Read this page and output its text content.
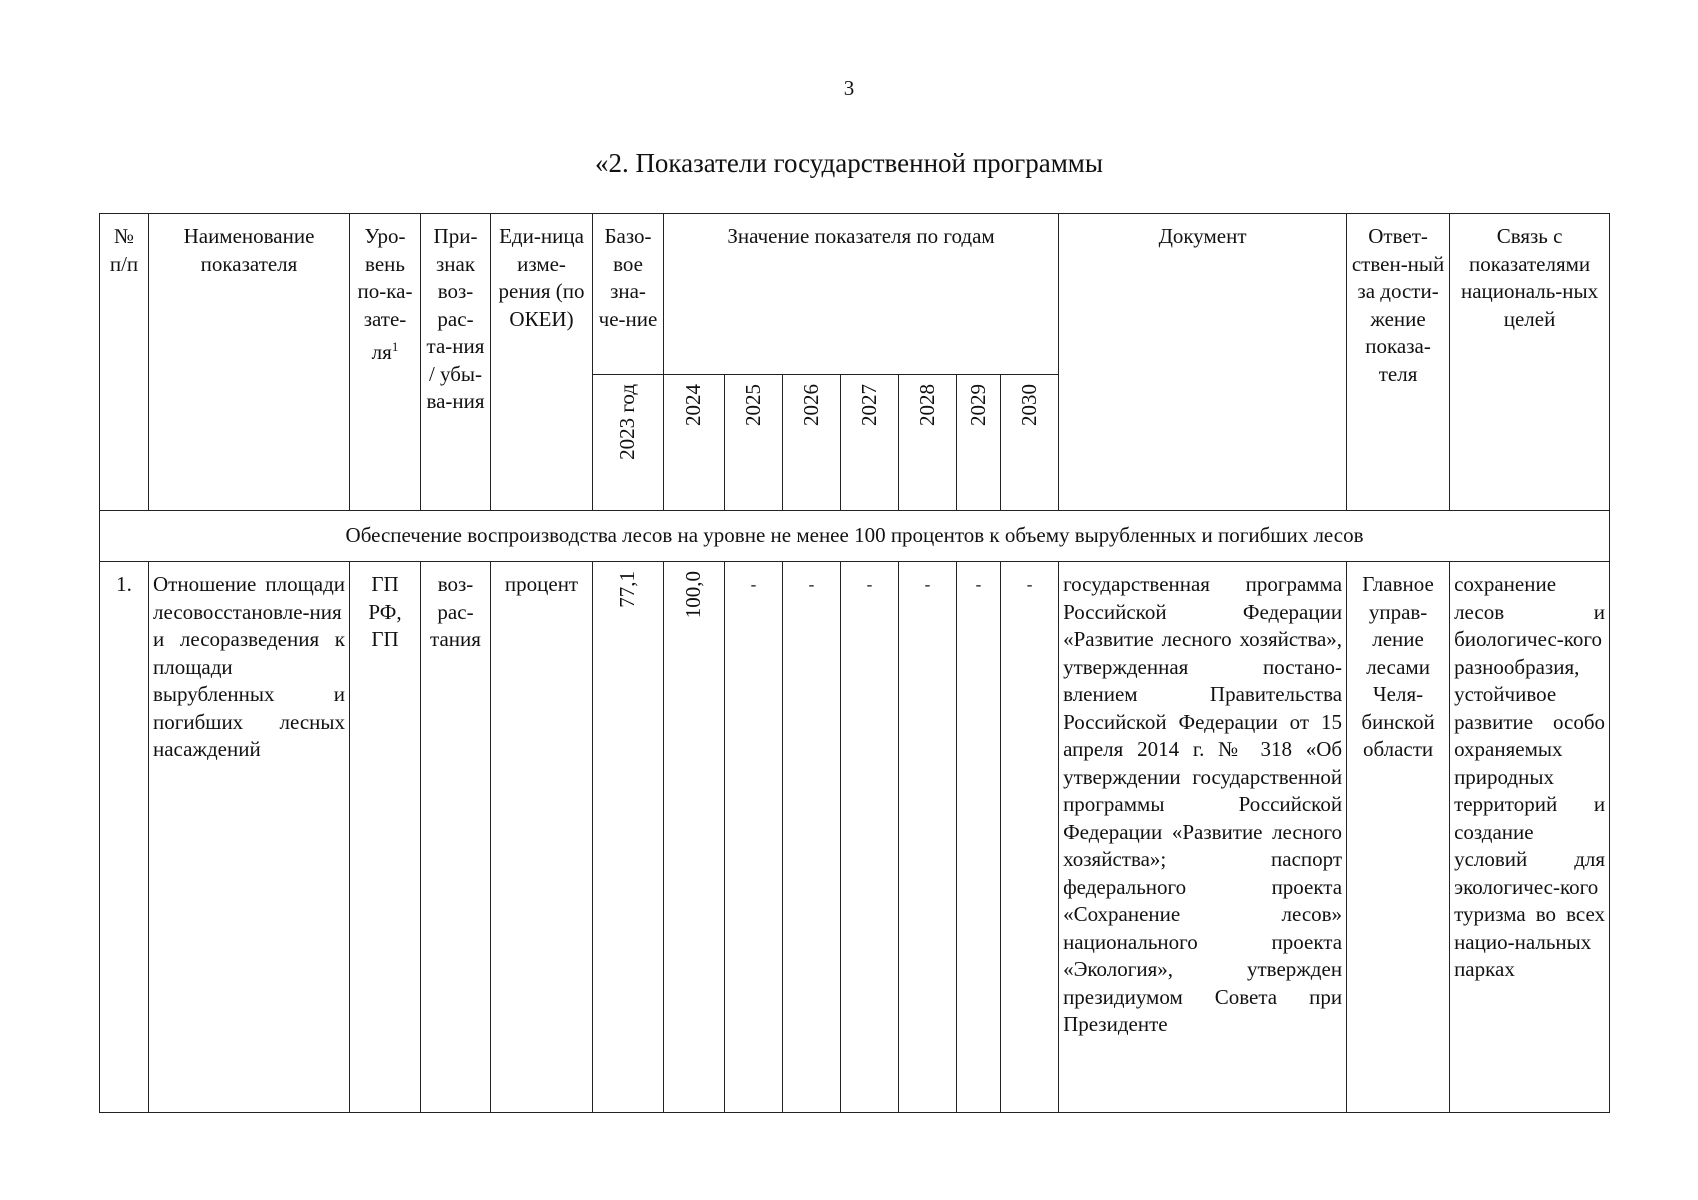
3
«2. Показатели государственной программы
№ п/п	Наименование показателя	Уро-вень $по-ка-зате-ля^1$	При-знак воз-рас-та-ния / убы-ва-ния	Еди-ница изме-рения (по ОКЕИ)	Базо-вое зна-че-ние	Значение показателя по годам							Документ	Ответ-ствен-ный за дости-жение показа-теля	Связь с показателями националь-ных целей
					2023 год	2024	2025	2026	2027	2028	2029	2030			
Обеспечение воспроизводства лесов на уровне не менее 100 процентов к объему вырубленных и погибших лесов															
1.	Отношение площади лесовосстановле-ния и лесоразведения к площади вырубленных и погибших лесных насаждений	ГП РФ, ГП	воз-рас-тания	процент	77,1	100,0	-	-	-	-	-	-	государственная программа Российской Федерации «Развитие лесного хозяйства», утвержденная постано-влением Правительства Российской Федерации от 15 апреля 2014 г. № 318 «Об утверждении государственной программы Российской Федерации «Развитие лесного хозяйства»; паспорт федерального проекта «Сохранение лесов» национального проекта «Экология», утвержден президиумом Совета при Президенте	Главное управ-ление лесами Челя-бинской области	сохранение лесов и биологичес-кого разнообразия, устойчивое развитие особо охраняемых природных территорий и создание условий для экологичес-кого туризма во всех нацио-нальных парках
